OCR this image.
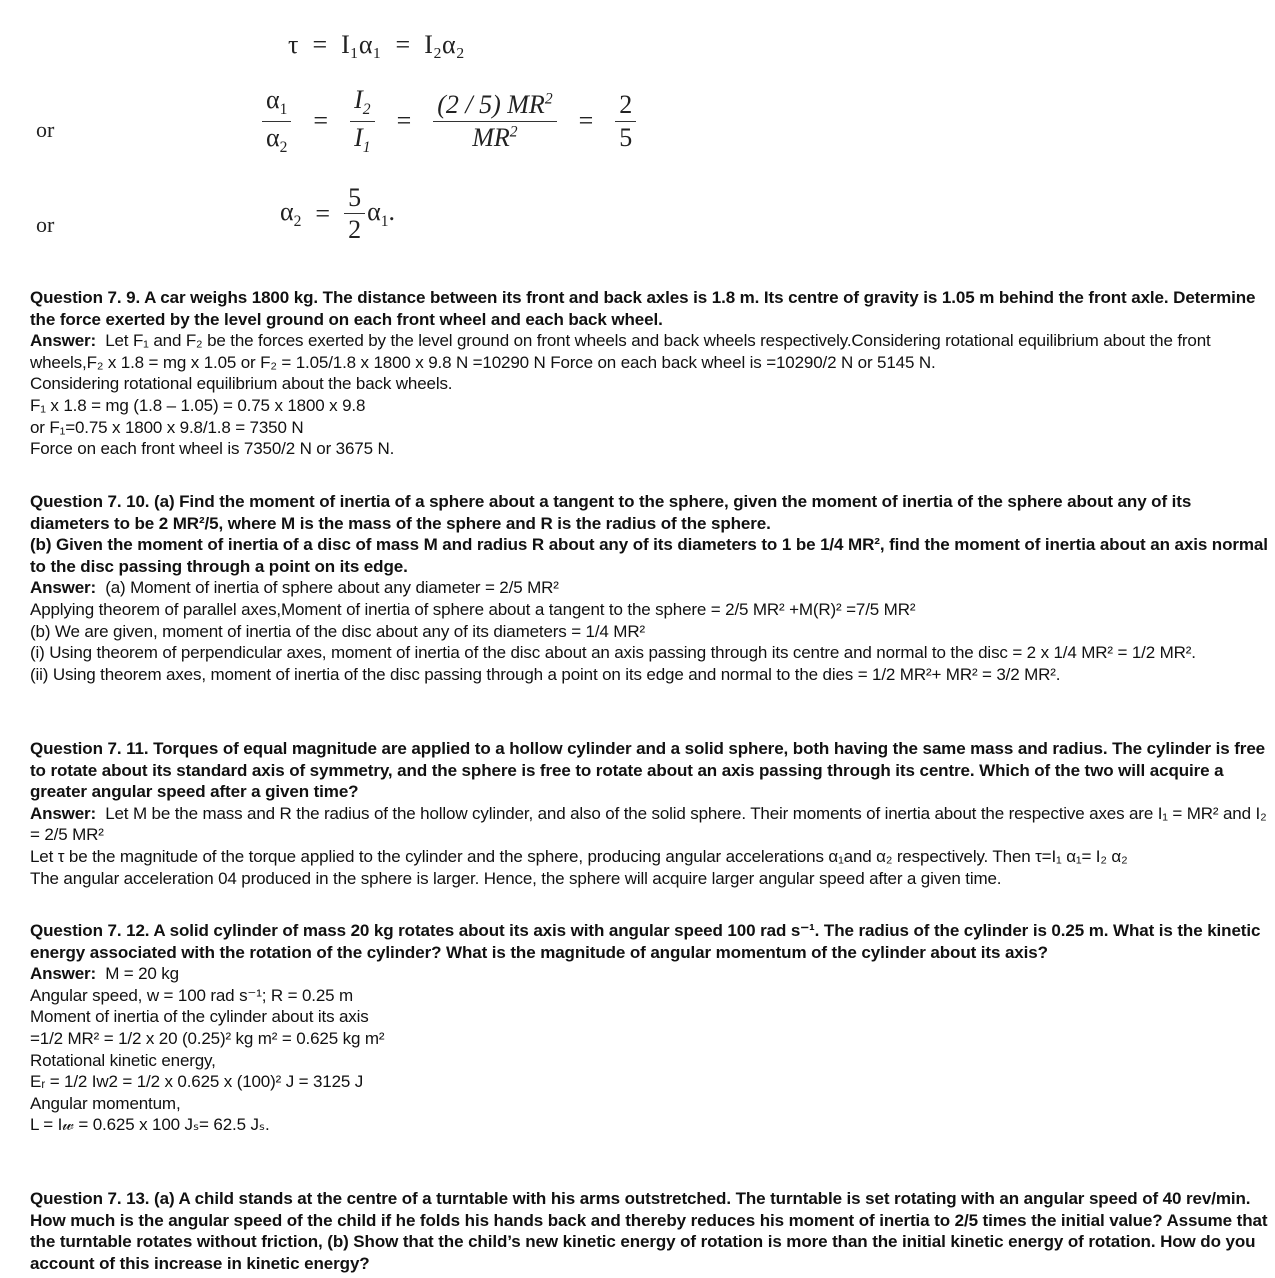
τ = I₁α₁ = I₂α₂
or	$\frac{\alpha_1}{\alpha_2} = \frac{I_2}{I_1} = \frac{(2 / 5) MR^2}{MR^2} = \frac{2}{5}$
or	$\alpha_2 = \frac{5}{2} \alpha_1$.

Question 7. 9. A car weighs 1800 kg. The distance between its front and back axles is 1.8 m. Its centre of gravity is 1.05 m behind the front axle. Determine the force exerted by the level ground on each front wheel and each back wheel.

Answer: Let F₁ and F₂ be the forces exerted by the level ground on front wheels and back wheels respectively.Considering rotational equilibrium about the front wheels,F₂ x 1.8 = mg x 1.05 or F₂ = 1.05/1.8 x 1800 x 9.8 N =10290 N Force on each back wheel is =10290/2 N or 5145 N.

Considering rotational equilibrium about the back wheels.

F₁ x 1.8 = mg (1.8 – 1.05) = 0.75 x 1800 x 9.8

or F₁=0.75 x 1800 x 9.8/1.8 = 7350 N

Force on each front wheel is 7350/2 N or 3675 N.

Question 7. 10. (a) Find the moment of inertia of a sphere about a tangent to the sphere, given the moment of inertia of the sphere about any of its diameters to be 2 MR²/5, where M is the mass of the sphere and R is the radius of the sphere.

(b) Given the moment of inertia of a disc of mass M and radius R about any of its diameters to 1 be 1/4 MR², find the moment of inertia about an axis normal to the disc passing through a point on its edge.

Answer: (a) Moment of inertia of sphere about any diameter = 2/5 MR²

Applying theorem of parallel axes,Moment of inertia of sphere about a tangent to the sphere = 2/5 MR² +M(R)² =7/5 MR²

(b) We are given, moment of inertia of the disc about any of its diameters = 1/4 MR²

(i) Using theorem of perpendicular axes, moment of inertia of the disc about an axis passing through its centre and normal to the disc = 2 x 1/4 MR² = 1/2 MR².

(ii) Using theorem axes, moment of inertia of the disc passing through a point on its edge and normal to the dies = 1/2 MR²+ MR² = 3/2 MR².

Question 7. 11. Torques of equal magnitude are applied to a hollow cylinder and a solid sphere, both having the same mass and radius. The cylinder is free to rotate about its standard axis of symmetry, and the sphere is free to rotate about an axis passing through its centre. Which of the two will acquire a greater angular speed after a given time?

Answer: Let M be the mass and R the radius of the hollow cylinder, and also of the solid sphere. Their moments of inertia about the respective axes are I₁ = MR² and I₂ = 2/5 MR²

Let τ be the magnitude of the torque applied to the cylinder and the sphere, producing angular accelerations α₁and α₂ respectively. Then τ=I₁ α₁= I₂ α₂

The angular acceleration 04 produced in the sphere is larger. Hence, the sphere will acquire larger angular speed after a given time.

Question 7. 12. A solid cylinder of mass 20 kg rotates about its axis with angular speed 100 rad s⁻¹. The radius of the cylinder is 0.25 m. What is the kinetic energy associated with the rotation of the cylinder? What is the magnitude of angular momentum of the cylinder about its axis?

Answer: M = 20 kg

Angular speed, w = 100 rad s⁻¹; R = 0.25 m

Moment of inertia of the cylinder about its axis

=1/2 MR² = 1/2 x 20 (0.25)² kg m² = 0.625 kg m²

Rotational kinetic energy,

Eᵣ = 1/2 Iw2 = 1/2 x 0.625 x (100)² J = 3125 J

Angular momentum,

L = I𝓌 = 0.625 x 100 Jₛ= 62.5 Jₛ.

Question 7. 13. (a) A child stands at the centre of a turntable with his arms outstretched. The turntable is set rotating with an angular speed of 40 rev/min. How much is the angular speed of the child if he folds his hands back and thereby reduces his moment of inertia to 2/5 times the initial value? Assume that the turntable rotates without friction, (b) Show that the child’s new kinetic energy of rotation is more than the initial kinetic energy of rotation. How do you account of this increase in kinetic energy?
